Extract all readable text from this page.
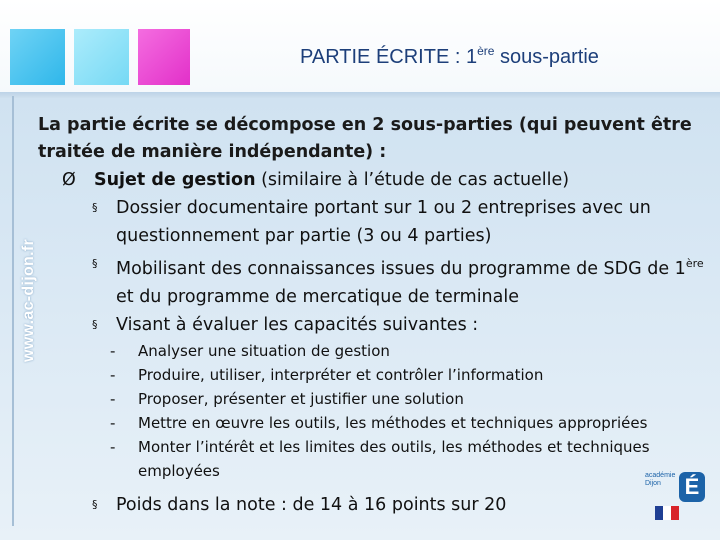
PARTIE ÉCRITE : 1ère sous-partie
www.ac-dijon.fr
La partie écrite se décompose en 2 sous-parties (qui peuvent être traitée de manière indépendante) :
Ø Sujet de gestion (similaire à l’étude de cas actuelle)
§ Dossier documentaire portant sur 1 ou 2 entreprises avec un questionnement par partie (3 ou 4 parties)
§ Mobilisant des connaissances issues du programme de SDG de 1ère et du programme de mercatique de terminale
§ Visant à évaluer les capacités suivantes :
- Analyser une situation de gestion
- Produire, utiliser, interpréter et contrôler l’information
- Proposer, présenter et justifier une solution
- Mettre en œuvre les outils, les méthodes et techniques appropriées
- Monter l’intérêt et les limites des outils, les méthodes et techniques employées
§ Poids dans la note : de 14 à 16 points sur 20
académie Dijon	É
